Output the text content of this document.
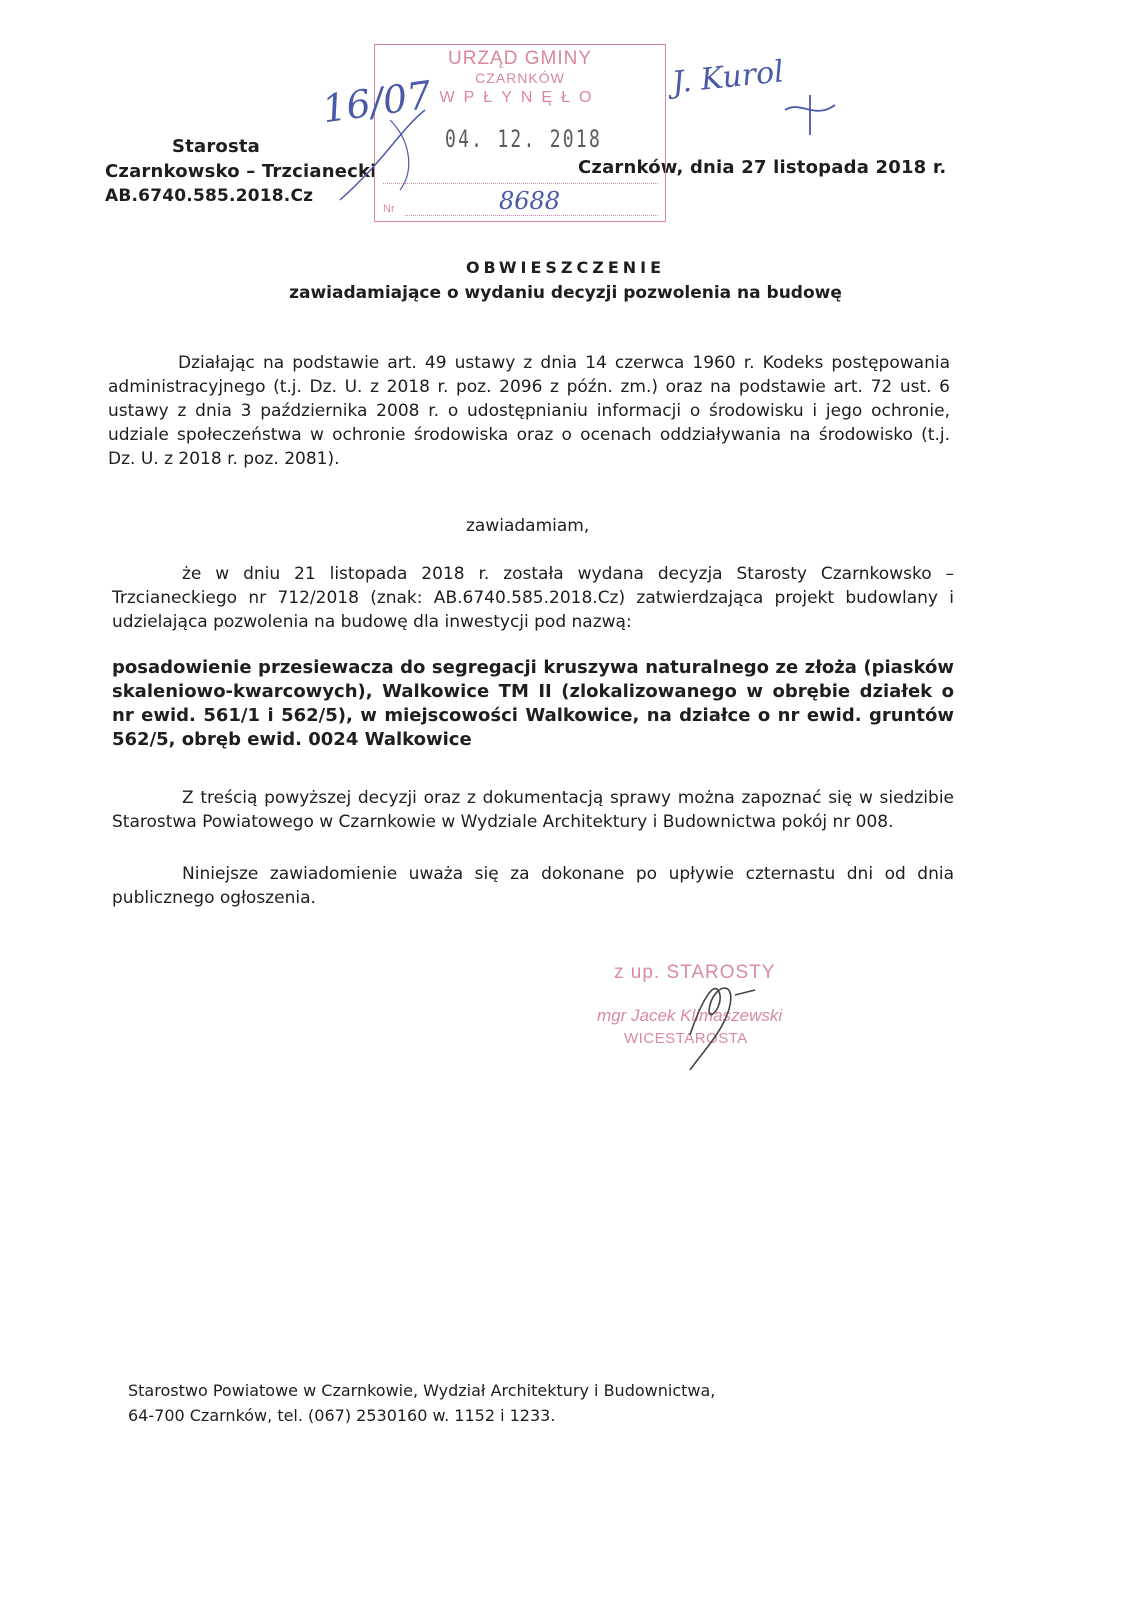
Starosta
Czarnkowsko – Trzcianecki
AB.6740.585.2018.Cz
Czarnków, dnia 27 listopada 2018 r.
URZĄD GMINY
CZARNKÓW
WPŁYNĘŁO
04. 12. 2018
Nr	8688
16/07	J. Kurol
OBWIESZCZENIE
zawiadamiające o wydaniu decyzji pozwolenia na budowę
Działając na podstawie art. 49 ustawy z dnia 14 czerwca 1960 r. Kodeks postępowania administracyjnego (t.j. Dz. U. z 2018 r. poz. 2096 z późn. zm.) oraz na podstawie art. 72 ust. 6 ustawy z dnia 3 października 2008 r. o udostępnianiu informacji o środowisku i jego ochronie, udziale społeczeństwa w ochronie środowiska oraz o ocenach oddziaływania na środowisko (t.j. Dz. U. z 2018 r. poz. 2081).
zawiadamiam,
że w dniu 21 listopada 2018 r. została wydana decyzja Starosty Czarnkowsko – Trzcianeckiego nr 712/2018 (znak: AB.6740.585.2018.Cz) zatwierdzająca projekt budowlany i udzielająca pozwolenia na budowę dla inwestycji pod nazwą:
posadowienie przesiewacza do segregacji kruszywa naturalnego ze złoża (piasków skaleniowo-kwarcowych), Walkowice TM II (zlokalizowanego w obrębie działek o nr ewid. 561/1 i 562/5), w miejscowości Walkowice, na działce o nr ewid. gruntów 562/5, obręb ewid. 0024 Walkowice
Z treścią powyższej decyzji oraz z dokumentacją sprawy można zapoznać się w siedzibie Starostwa Powiatowego w Czarnkowie w Wydziale Architektury i Budownictwa pokój nr 008.
Niniejsze zawiadomienie uważa się za dokonane po upływie czternastu dni od dnia publicznego ogłoszenia.
z up. STAROSTY
mgr Jacek Klimaszewski
WICESTAROSTA
Starostwo Powiatowe w Czarnkowie, Wydział Architektury i Budownictwa,
64-700 Czarnków, tel. (067) 2530160 w. 1152 i 1233.
